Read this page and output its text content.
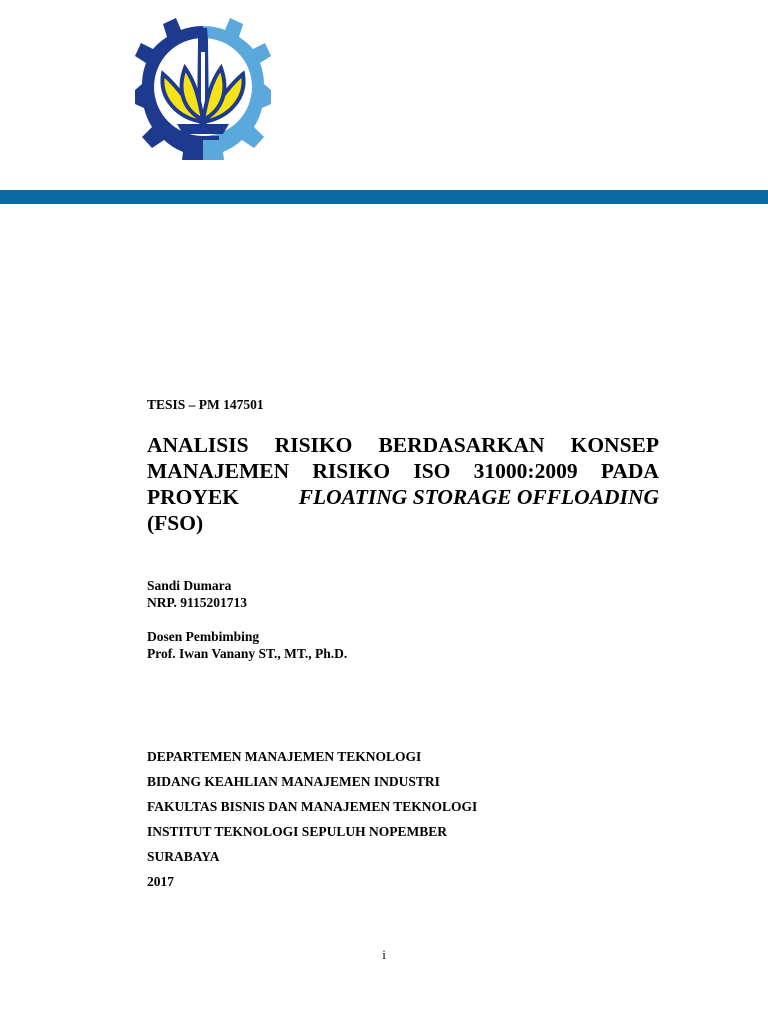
TESIS – PM 147501

ANALISIS RISIKO BERDASARKAN KONSEP
MANAJEMEN RISIKO ISO 31000:2009 PADA
PROYEK	FLOATING STORAGE OFFLOADING
(FSO)
Sandi Dumara
NRP. 9115201713
Dosen Pembimbing
Prof. Iwan Vanany ST., MT., Ph.D.
DEPARTEMEN MANAJEMEN TEKNOLOGI
BIDANG KEAHLIAN MANAJEMEN INDUSTRI
FAKULTAS BISNIS DAN MANAJEMEN TEKNOLOGI
INSTITUT TEKNOLOGI SEPULUH NOPEMBER
SURABAYA
2017
i
